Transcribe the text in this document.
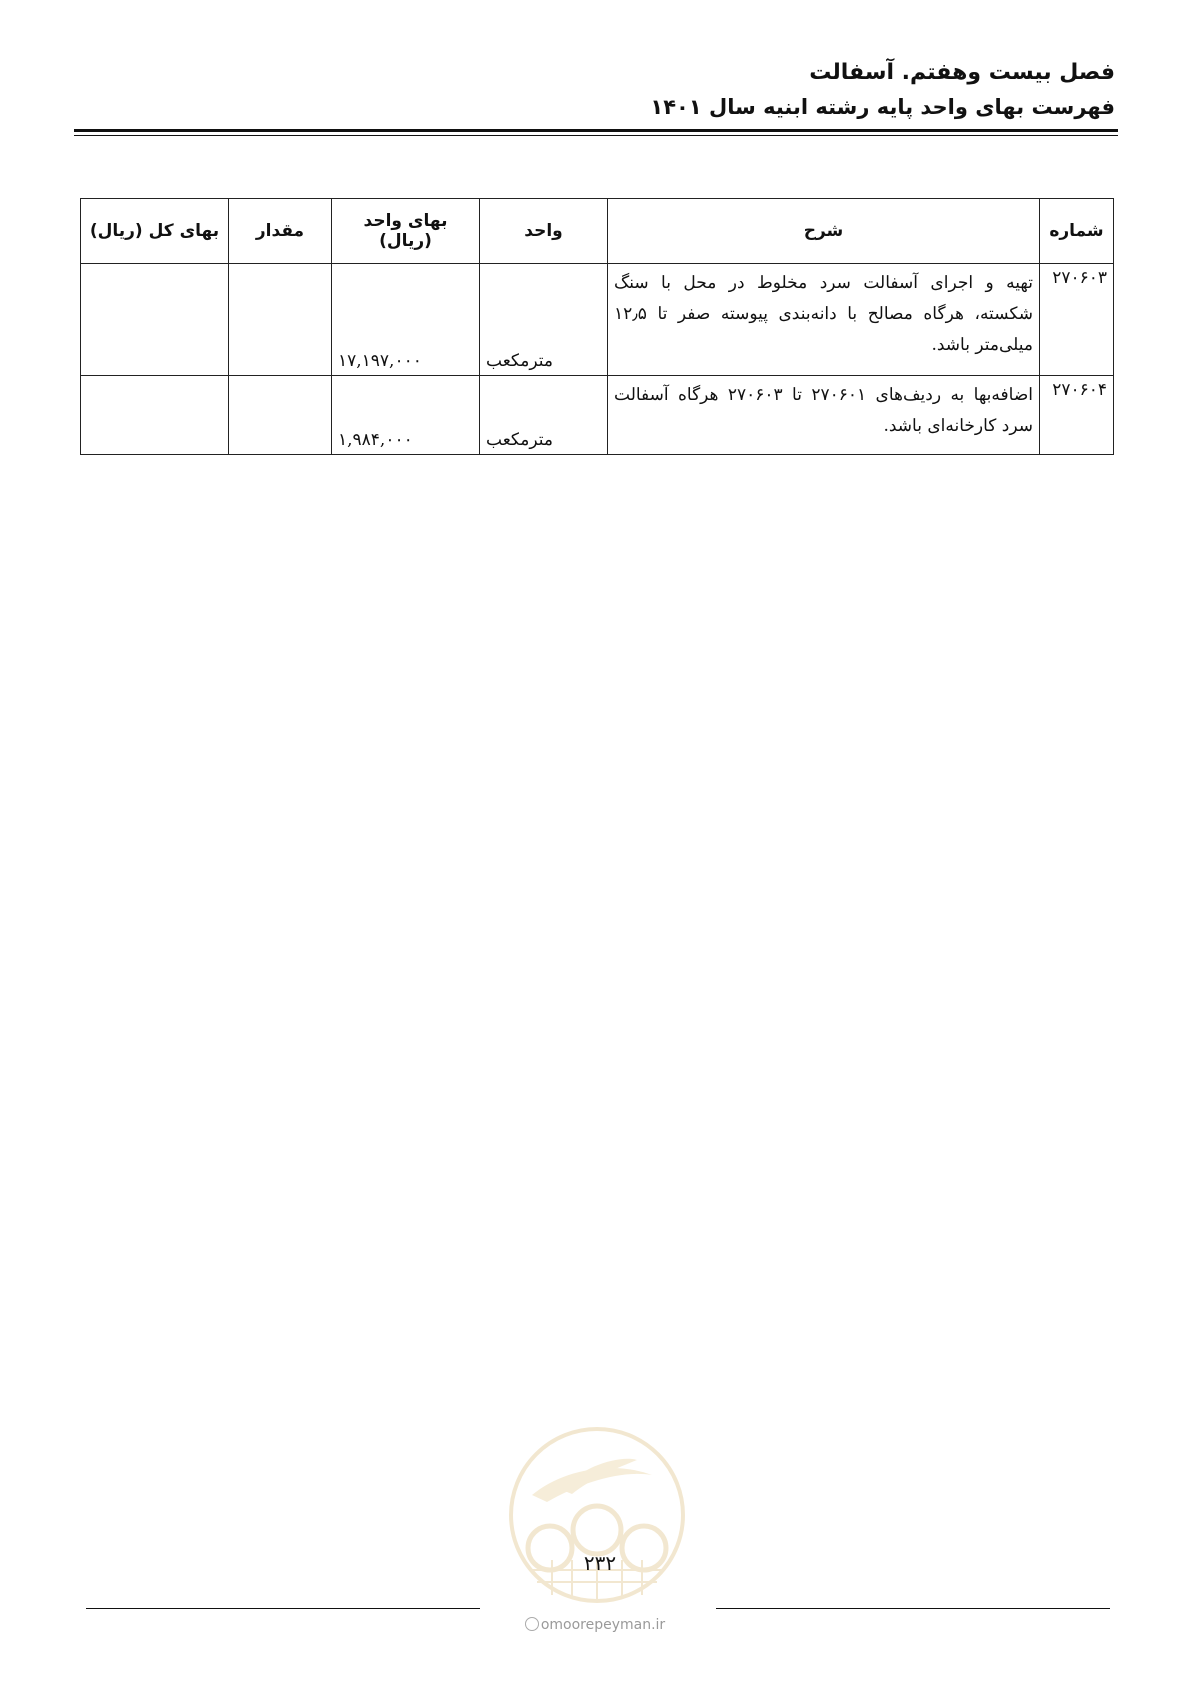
فصل بیست وهفتم. آسفالت
فهرست بهای واحد پایه رشته ابنیه سال ۱۴۰۱
شماره	شرح	واحد	بهای واحد (ریال)	مقدار	بهای کل (ریال)
۲۷۰۶۰۳	تهیه و اجرای آسفالت سرد مخلوط در محل با سنگ شکسته، هرگاه مصالح با دانه‌بندی پیوسته صفر تا ۱۲٫۵ میلی‌متر باشد.	مترمکعب	۱۷,۱۹۷,۰۰۰		
۲۷۰۶۰۴	اضافه‌بها به ردیف‌های ۲۷۰۶۰۱ تا ۲۷۰۶۰۳ هرگاه آسفالت سرد کارخانه‌ای باشد.	مترمکعب	۱,۹۸۴,۰۰۰		
۲۳۲
omoorepeyman.ir
